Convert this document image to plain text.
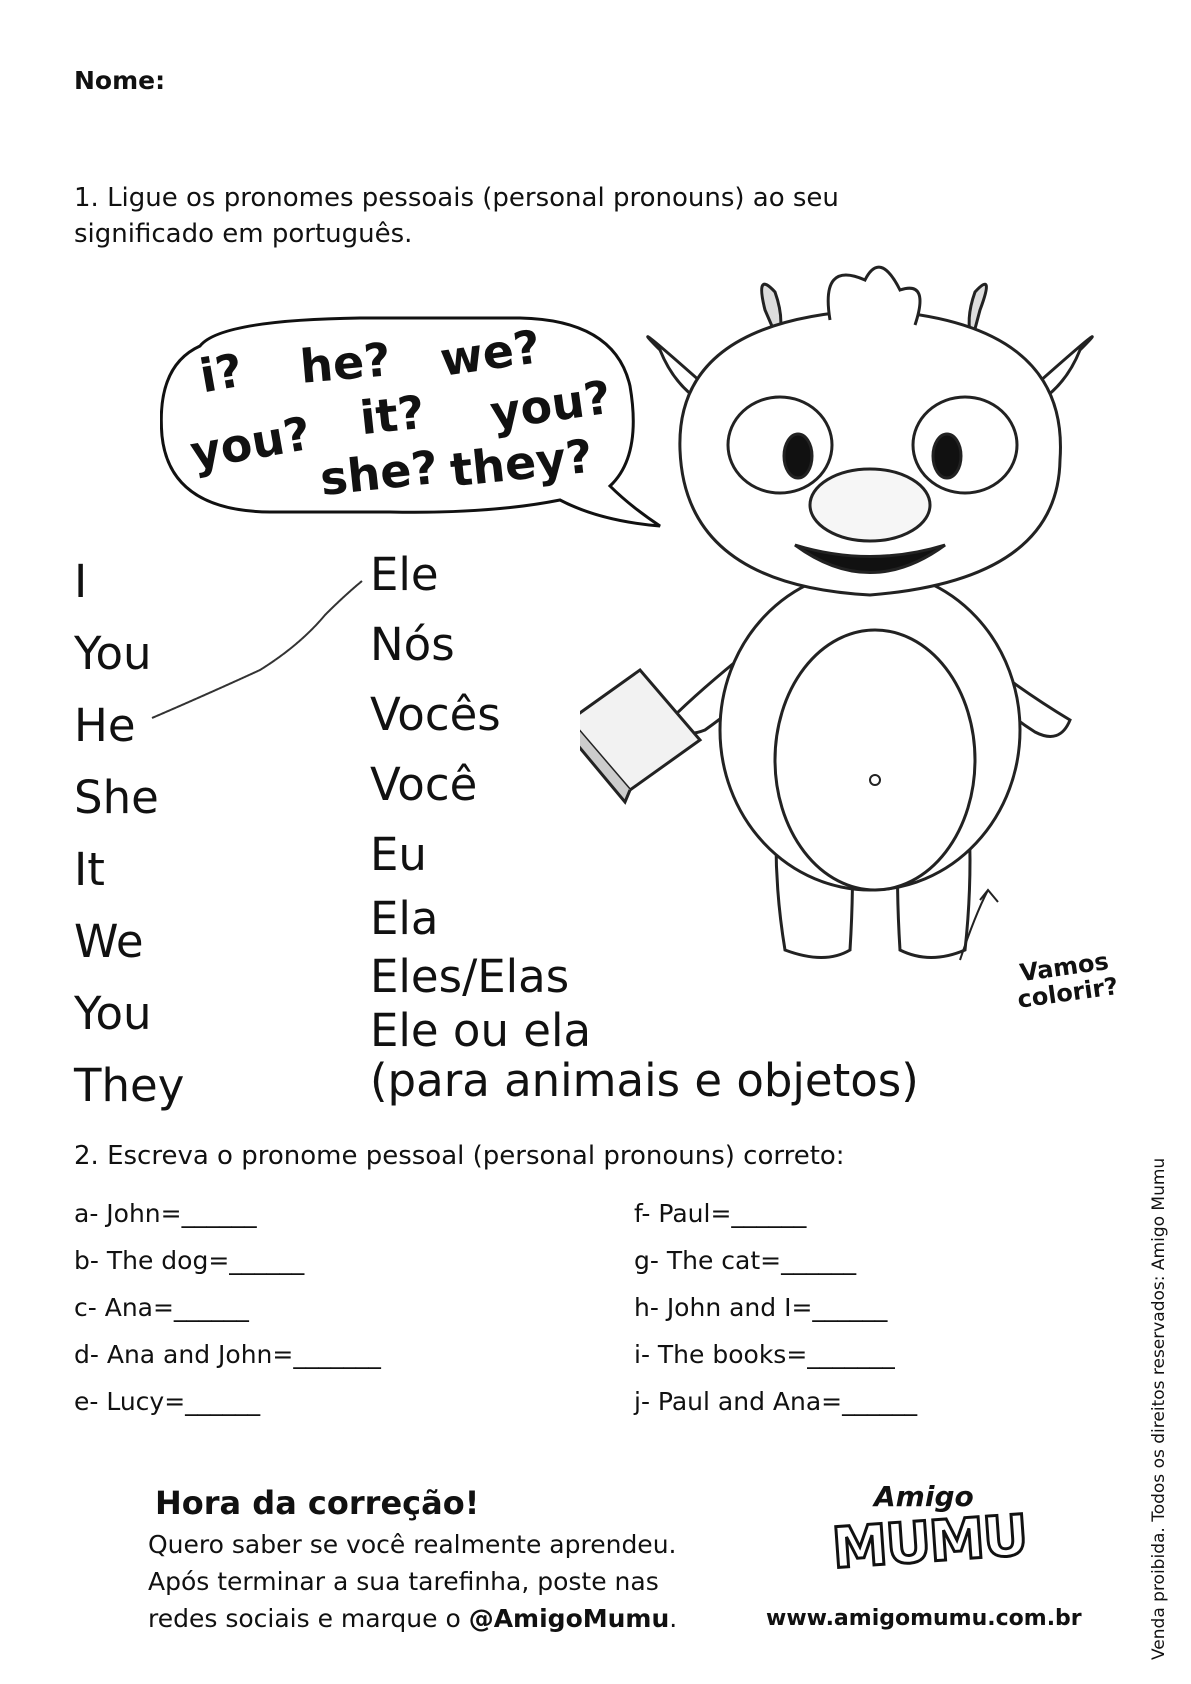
Nome:
1. Ligue os pronomes pessoais (personal pronouns) ao seu significado em português.
i? he? we?
you? it? you?
she? they?
I
You
He
She
It
We
You
They
Ele
Nós
Vocês
Você
Eu
Ela
Eles/Elas
Ele ou ela
(para animais e objetos)
Vamos colorir?
2. Escreva o pronome pessoal (personal pronouns) correto:
a- John=______
b- The dog=______
c- Ana=______
d- Ana and John=_______
e- Lucy=______
f- Paul=______
g- The cat=______
h- John and I=______
i- The books=_______
j- Paul and Ana=______
Hora da correção!
Quero saber se você realmente aprendeu.
Após terminar a sua tarefinha, poste nas
redes sociais e marque o @AmigoMumu.
Amigo
MUMU
www.amigomumu.com.br	Venda proibida. Todos os direitos reservados: Amigo Mumu
